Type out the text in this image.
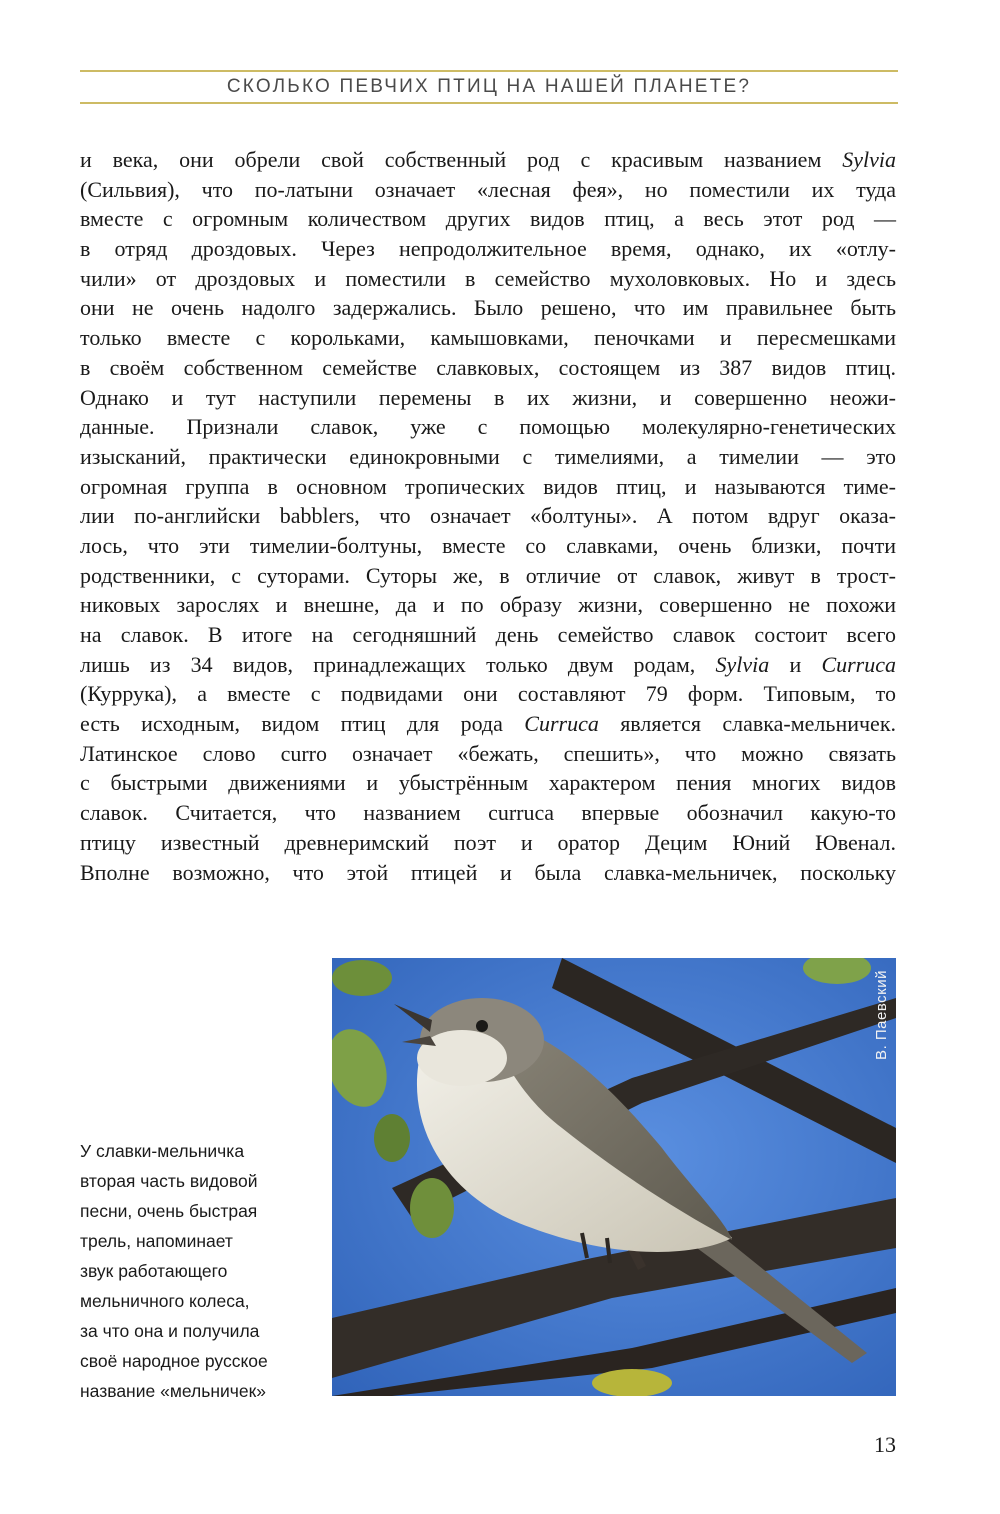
СКОЛЬКО ПЕВЧИХ ПТИЦ НА НАШЕЙ ПЛАНЕТЕ?
и века, они обрели свой собственный род с красивым названием Sylvia
(Сильвия), что по-латыни означает «лесная фея», но поместили их туда
вместе с огромным количеством других видов птиц, а весь этот род —
в отряд дроздовых. Через непродолжительное время, однако, их «отлу-
чили» от дроздовых и поместили в семейство мухоловковых. Но и здесь
они не очень надолго задержались. Было решено, что им правильнее быть
только вместе с корольками, камышовками, пеночками и пересмешками
в своём собственном семействе славковых, состоящем из 387 видов птиц.
Однако и тут наступили перемены в их жизни, и совершенно неожи-
данные. Признали славок, уже с помощью молекулярно-генетических
изысканий, практически единокровными с тимелиями, а тимелии — это
огромная группа в основном тропических видов птиц, и называются тиме-
лии по-английски babblers, что означает «болтуны». А потом вдруг оказа-
лось, что эти тимелии-болтуны, вместе со славками, очень близки, почти
родственники, с суторами. Суторы же, в отличие от славок, живут в трост-
никовых зарослях и внешне, да и по образу жизни, совершенно не похожи
на славок. В итоге на сегодняшний день семейство славок состоит всего
лишь из 34 видов, принадлежащих только двум родам, Sylvia и Curruca
(Куррука), а вместе с подвидами они составляют 79 форм. Типовым, то
есть исходным, видом птиц для рода Curruca является славка-мельничек.
Латинское слово curro означает «бежать, спешить», что можно связать
с быстрыми движениями и убыстрённым характером пения многих видов
славок. Считается, что названием curruca впервые обозначил какую-то
птицу известный древнеримский поэт и оратор Децим Юний Ювенал.
Вполне возможно, что этой птицей и была славка-мельничек, поскольку
В. Паевский
У славки-мельничка
вторая часть видовой
песни, очень быстрая
трель, напоминает
звук работающего
мельничного колеса,
за что она и получила
своё народное русское
название «мельничек»
13
